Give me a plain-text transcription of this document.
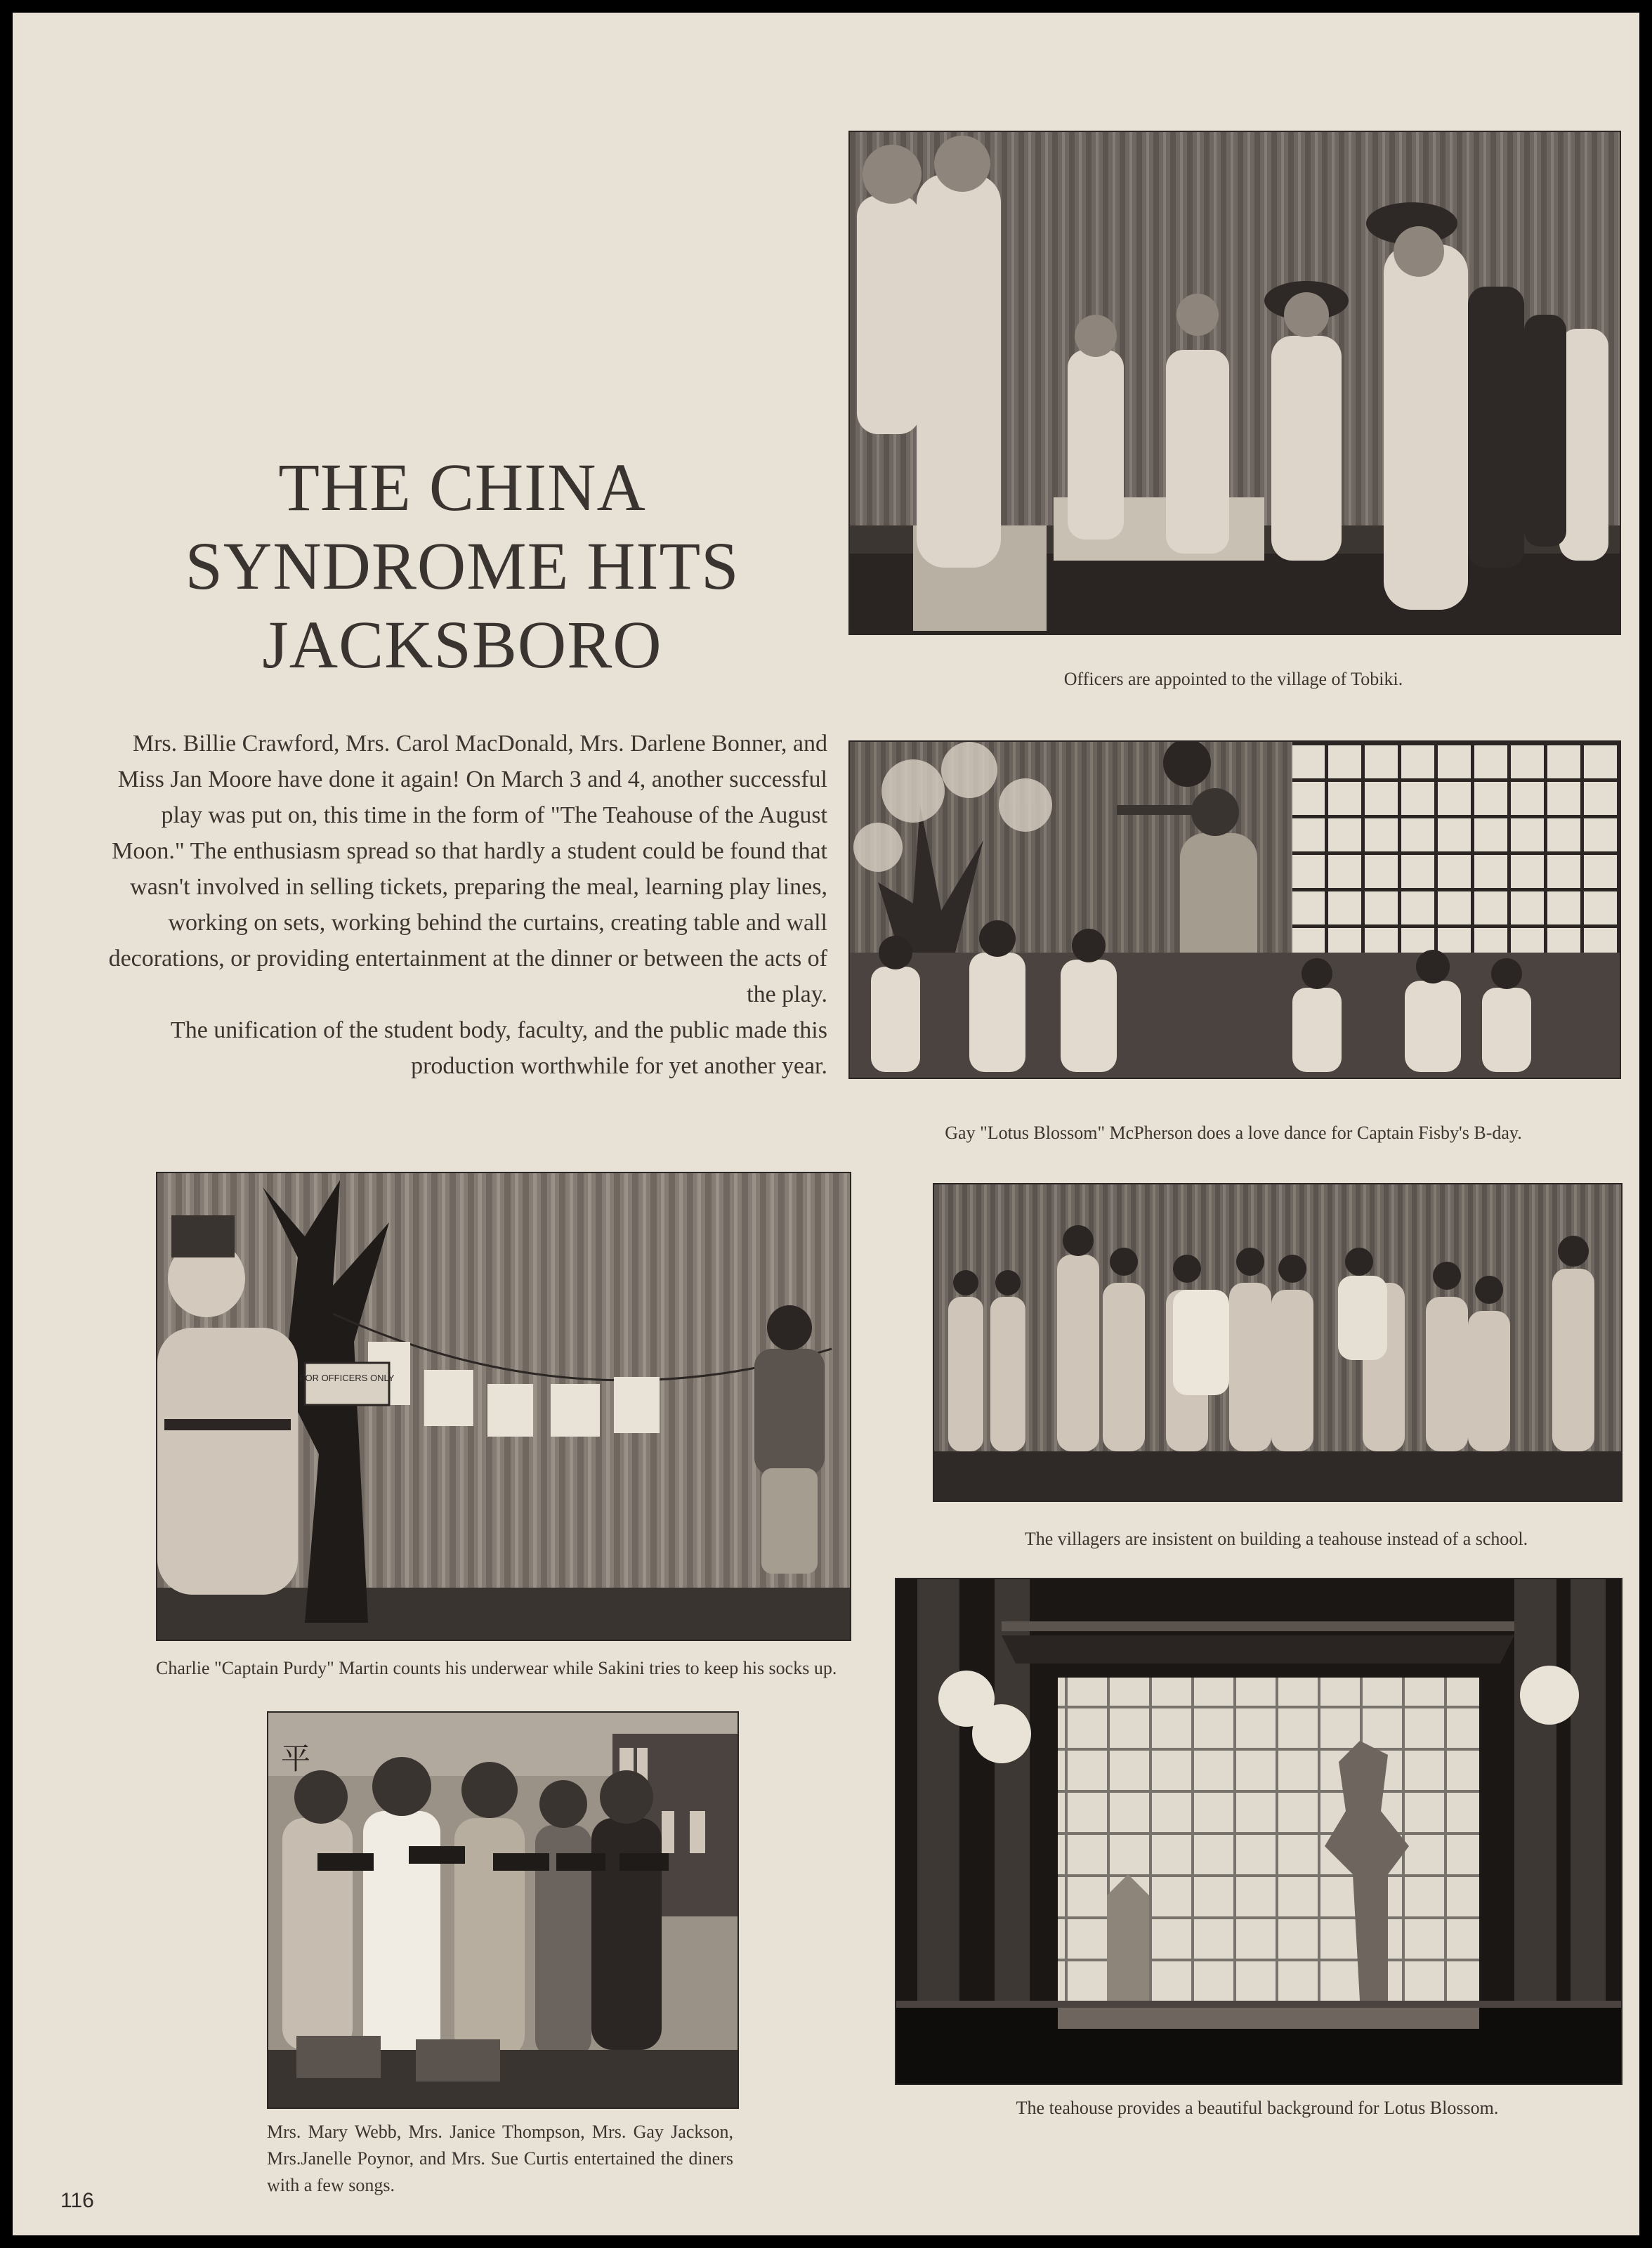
THE CHINA
SYNDROME HITS
JACKSBORO

Mrs. Billie Crawford, Mrs. Carol MacDonald, Mrs. Darlene Bonner, and Miss Jan Moore have done it again! On March 3 and 4, another successful play was put on, this time in the form of "The Teahouse of the August Moon." The enthusiasm spread so that hardly a student could be found that wasn't involved in selling tickets, preparing the meal, learning play lines, working on sets, working behind the curtains, creating table and wall decorations, or providing entertainment at the dinner or between the acts of the play.

The unification of the student body, faculty, and the public made this production worthwhile for yet another year.

Officers are appointed to the village of Tobiki.
Gay "Lotus Blossom" McPherson does a love dance for Captain Fisby's B-day.
FOR OFFICERS ONLY
Charlie "Captain Purdy" Martin counts his underwear while Sakini tries to keep his socks up.
The villagers are insistent on building a teahouse instead of a school.
平
Mrs. Mary Webb, Mrs. Janice Thompson, Mrs. Gay Jackson, Mrs.Janelle Poynor, and Mrs. Sue Curtis entertained the diners with a few songs.
The teahouse provides a beautiful background for Lotus Blossom.
116
